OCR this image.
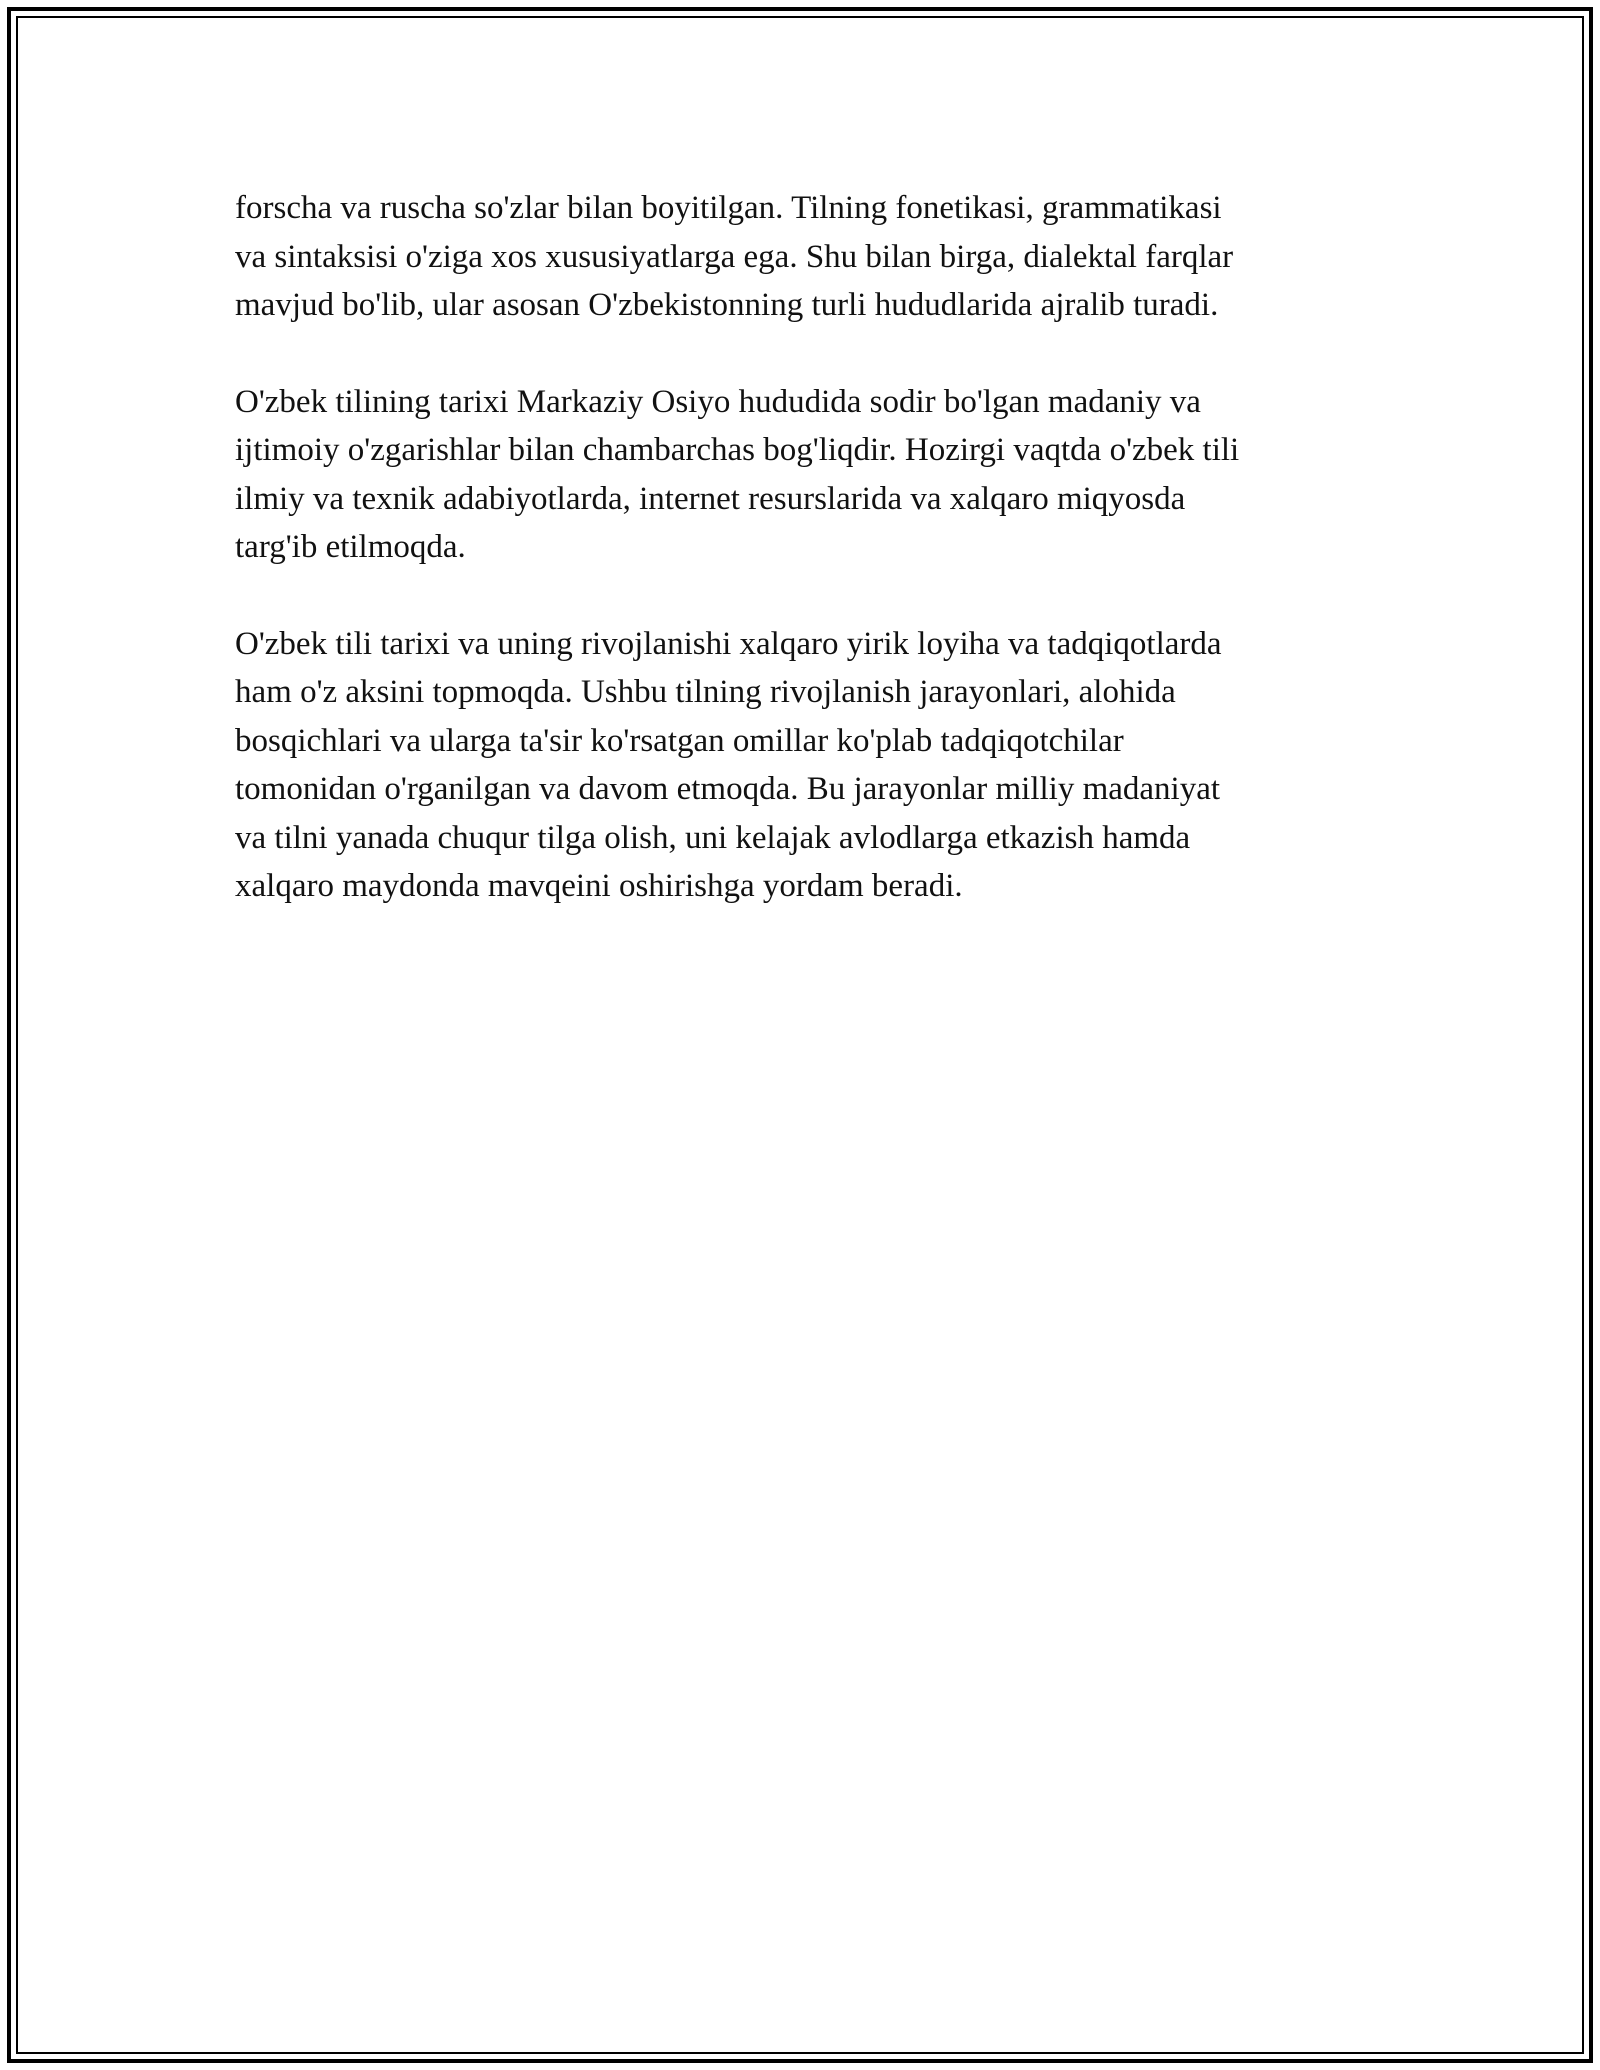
forscha va ruscha so'zlar bilan boyitilgan. Tilning fonetikasi, grammatikasi
va sintaksisi o'ziga xos xususiyatlarga ega. Shu bilan birga, dialektal farqlar
mavjud bo'lib, ular asosan O'zbekistonning turli hududlarida ajralib turadi.

O'zbek tilining tarixi Markaziy Osiyo hududida sodir bo'lgan madaniy va
ijtimoiy o'zgarishlar bilan chambarchas bog'liqdir. Hozirgi vaqtda o'zbek tili
ilmiy va texnik adabiyotlarda, internet resurslarida va xalqaro miqyosda
targ'ib etilmoqda.

O'zbek tili tarixi va uning rivojlanishi xalqaro yirik loyiha va tadqiqotlarda
ham o'z aksini topmoqda. Ushbu tilning rivojlanish jarayonlari, alohida
bosqichlari va ularga ta'sir ko'rsatgan omillar ko'plab tadqiqotchilar
tomonidan o'rganilgan va davom etmoqda. Bu jarayonlar milliy madaniyat
va tilni yanada chuqur tilga olish, uni kelajak avlodlarga etkazish hamda
xalqaro maydonda mavqeini oshirishga yordam beradi.
